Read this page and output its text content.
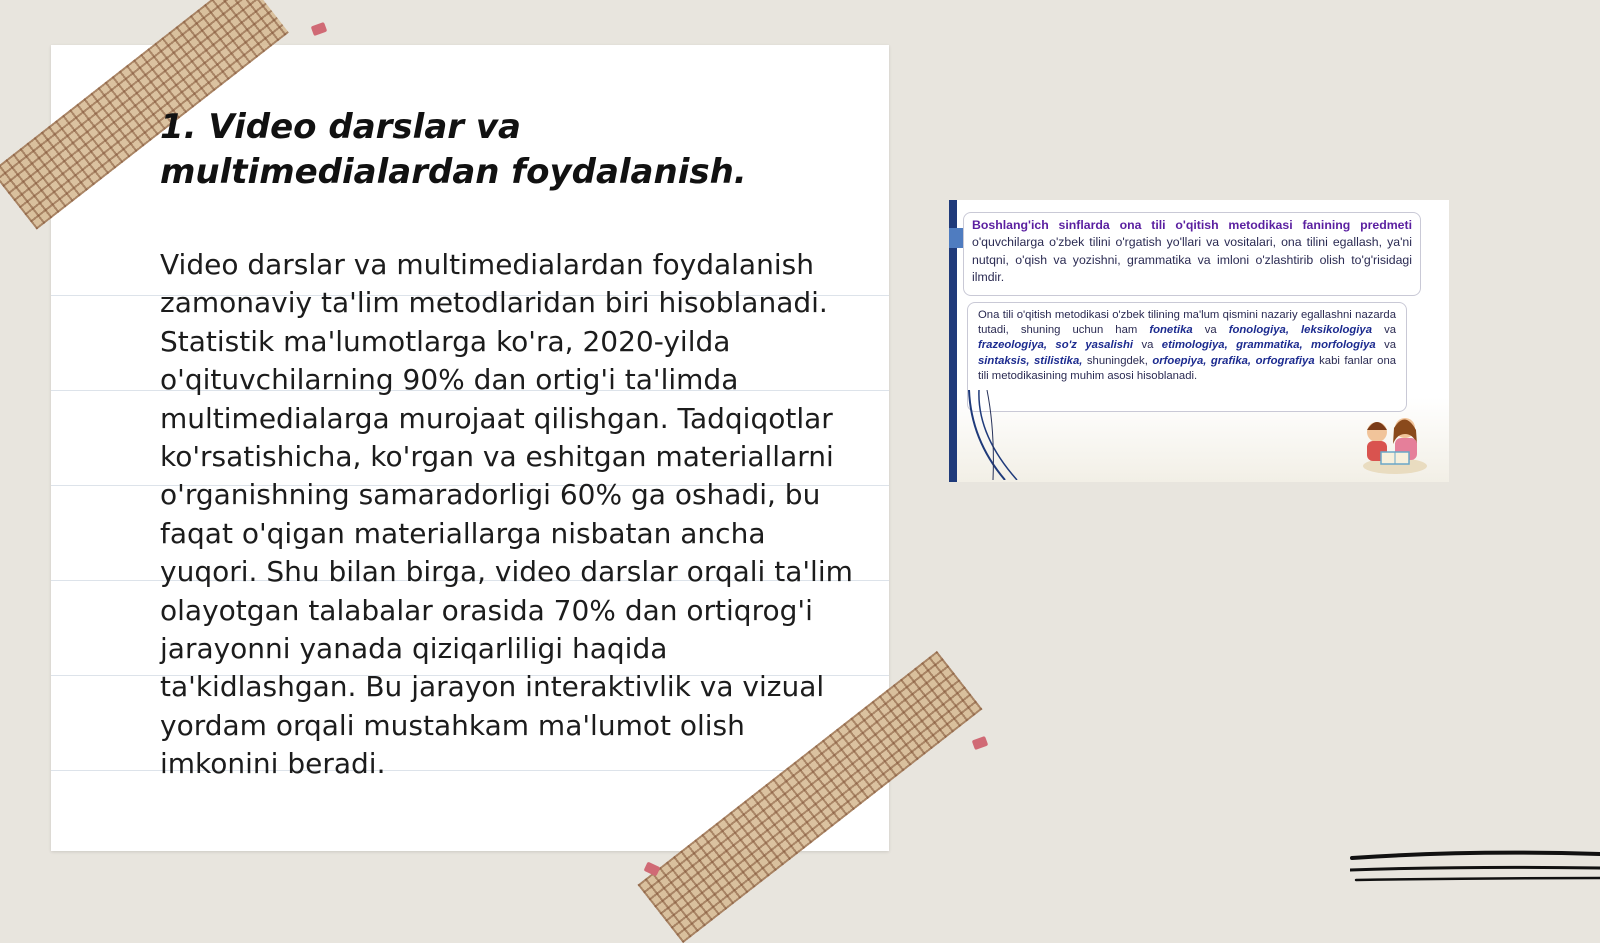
1. Video darslar va multimedialardan foydalanish.

Video darslar va multimedialardan foydalanish zamonaviy ta'lim metodlaridan biri hisoblanadi. Statistik ma'lumotlarga ko'ra, 2020-yilda o'qituvchilarning 90% dan ortig'i ta'limda multimedialarga murojaat qilishgan. Tadqiqotlar ko'rsatishicha, ko'rgan va eshitgan materiallarni o'rganishning samaradorligi 60% ga oshadi, bu faqat o'qigan materiallarga nisbatan ancha yuqori. Shu bilan birga, video darslar orqali ta'lim olayotgan talabalar orasida 70% dan ortiqrog'i jarayonni yanada qiziqarliligi haqida ta'kidlashgan. Bu jarayon interaktivlik va vizual yordam orqali mustahkam ma'lumot olish imkonini beradi.

Boshlang'ich sinflarda ona tili o'qitish metodikasi fanining predmeti o'quvchilarga o'zbek tilini o'rgatish yo'llari va vositalari, ona tilini egallash, ya'ni nutqni, o'qish va yozishni, grammatika va imloni o'zlashtirib olish to'g'risidagi ilmdir.
Ona tili o'qitish metodikasi o'zbek tilining ma'lum qismini nazariy egallashni nazarda tutadi, shuning uchun ham fonetika va fonologiya, leksikologiya va frazeologiya, so'z yasalishi va etimologiya, grammatika, morfologiya va sintaksis, stilistika, shuningdek, orfoepiya, grafika, orfografiya kabi fanlar ona tili metodikasining muhim asosi hisoblanadi.
